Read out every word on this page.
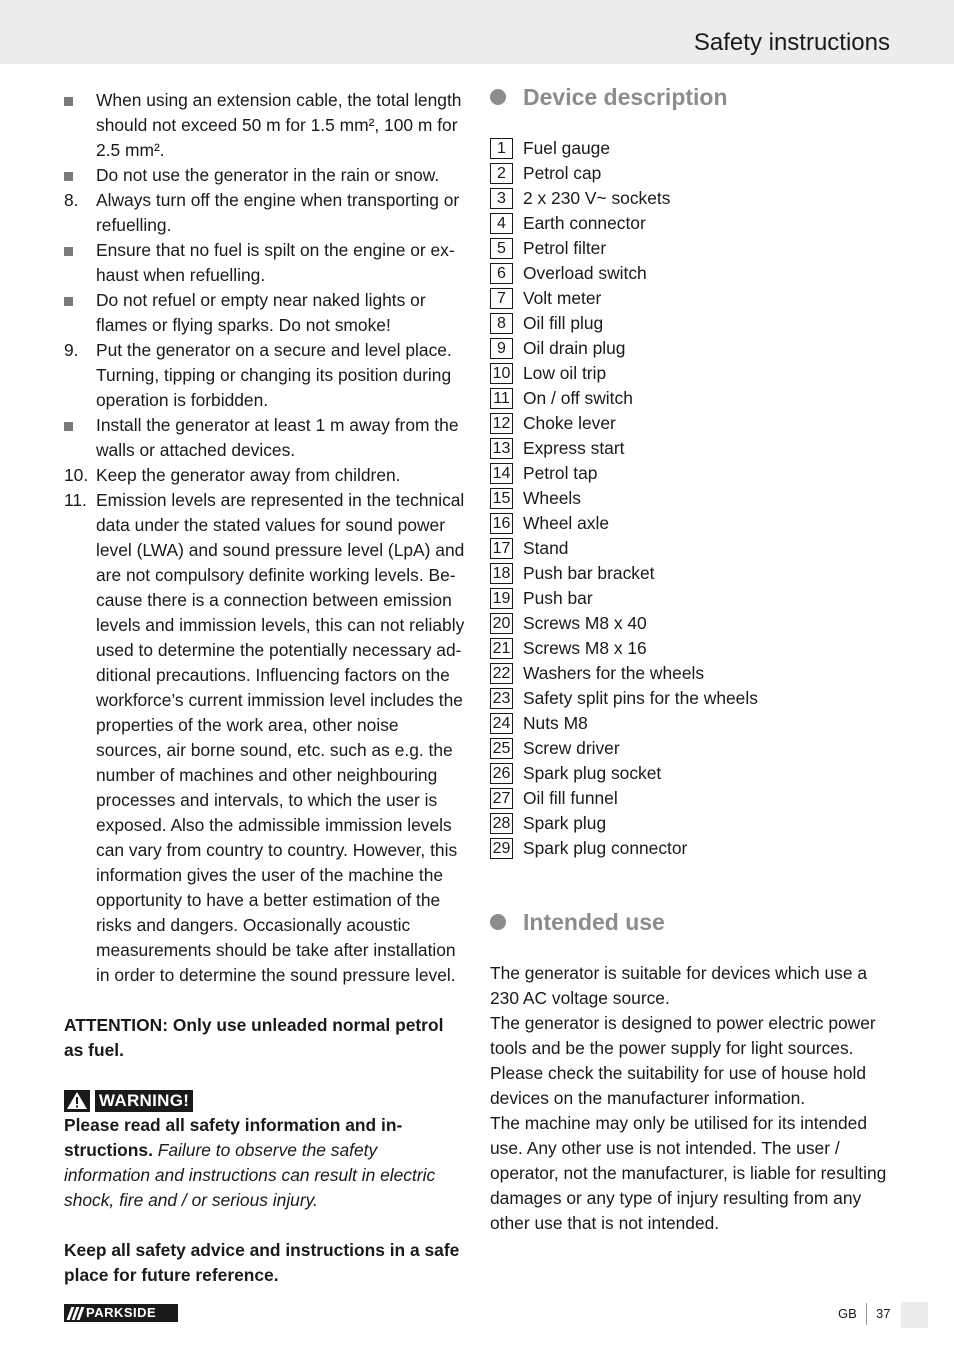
Safety instructions
When using an extension cable, the total length should not exceed 50 m for 1.5 mm², 100 m for 2.5 mm².
Do not use the generator in the rain or snow.
8. Always turn off the engine when transporting or refuelling.
Ensure that no fuel is spilt on the engine or ex-haust when refuelling.
Do not refuel or empty near naked lights or flames or flying sparks. Do not smoke!
9. Put the generator on a secure and level place. Turning, tipping or changing its position during operation is forbidden.
Install the generator at least 1 m away from the walls or attached devices.
10. Keep the generator away from children.
11. Emission levels are represented in the technical data under the stated values for sound power level (LWA) and sound pressure level (LpA) and are not compulsory definite working levels. Be-cause there is a connection between emission levels and immission levels, this can not reliably used to determine the potentially necessary ad-ditional precautions. Influencing factors on the workforce’s current immission level includes the properties of the work area, other noise sources, air borne sound, etc. such as e.g. the number of machines and other neighbouring processes and intervals, to which the user is exposed. Also the admissible immission levels can vary from country to country. However, this information gives the user of the machine the opportunity to have a better estimation of the risks and dangers. Occasionally acoustic measurements should be take after installation in order to determine the sound pressure level.
ATTENTION: Only use unleaded normal petrol as fuel.
WARNING!
Please read all safety information and in-structions. Failure to observe the safety information and instructions can result in electric shock, fire and / or serious injury.
Keep all safety advice and instructions in a safe place for future reference.
Device description
1 Fuel gauge
2 Petrol cap
3 2 x 230 V~ sockets
4 Earth connector
5 Petrol filter
6 Overload switch
7 Volt meter
8 Oil fill plug
9 Oil drain plug
10 Low oil trip
11 On / off switch
12 Choke lever
13 Express start
14 Petrol tap
15 Wheels
16 Wheel axle
17 Stand
18 Push bar bracket
19 Push bar
20 Screws M8 x 40
21 Screws M8 x 16
22 Washers for the wheels
23 Safety split pins for the wheels
24 Nuts M8
25 Screw driver
26 Spark plug socket
27 Oil fill funnel
28 Spark plug
29 Spark plug connector
Intended use
The generator is suitable for devices which use a 230 AC voltage source.
The generator is designed to power electric power tools and be the power supply for light sources. Please check the suitability for use of house hold devices on the manufacturer information.
The machine may only be utilised for its intended use. Any other use is not intended. The user / operator, not the manufacturer, is liable for resulting damages or any type of injury resulting from any other use that is not intended.
PARKSIDE	GB 37
